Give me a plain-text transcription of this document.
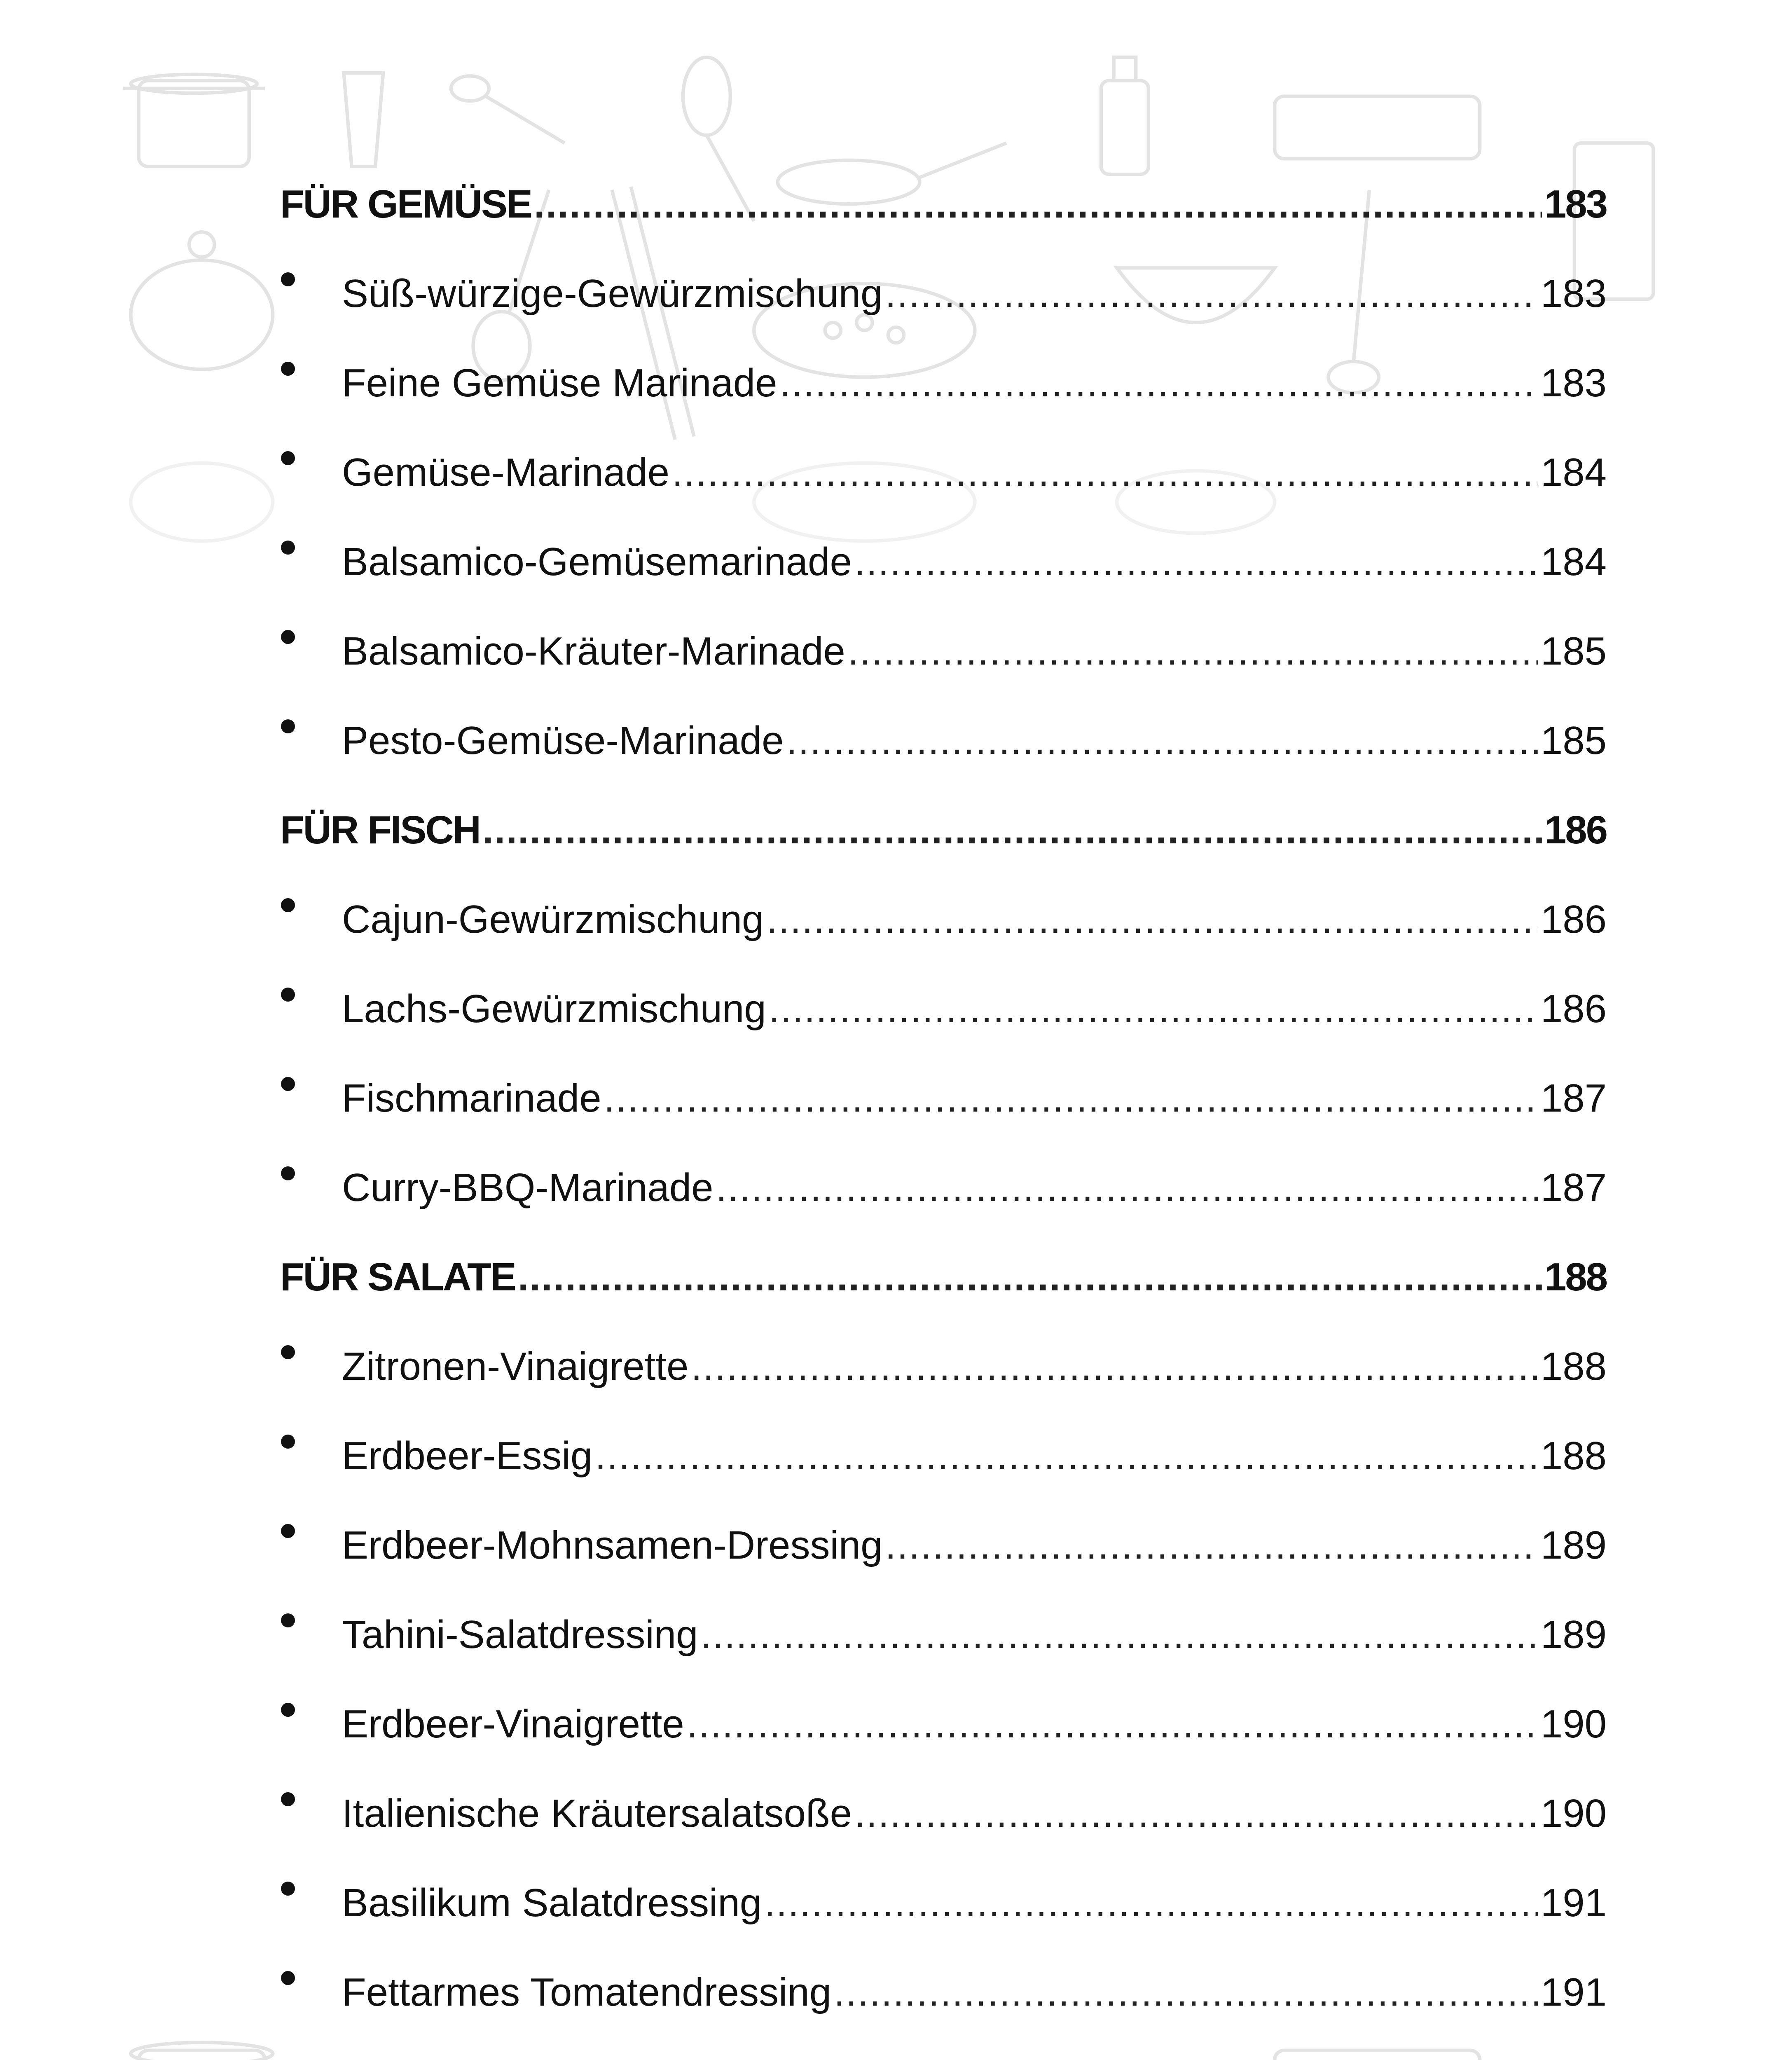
FÜR GEMÜSE .....	183
Süß-würzige-Gewürzmischung .....	183
Feine Gemüse Marinade .....	183
Gemüse-Marinade .....	184
Balsamico-Gemüsemarinade .....	184
Balsamico-Kräuter-Marinade .....	185
Pesto-Gemüse-Marinade .....	185
FÜR FISCH .....	186
Cajun-Gewürzmischung .....	186
Lachs-Gewürzmischung .....	186
Fischmarinade .....	187
Curry-BBQ-Marinade .....	187
FÜR SALATE .....	188
Zitronen-Vinaigrette .....	188
Erdbeer-Essig .....	188
Erdbeer-Mohnsamen-Dressing .....	189
Tahini-Salatdressing .....	189
Erdbeer-Vinaigrette .....	190
Italienische Kräutersalatsoße .....	190
Basilikum Salatdressing .....	191
Fettarmes Tomatendressing .....	191
.....
